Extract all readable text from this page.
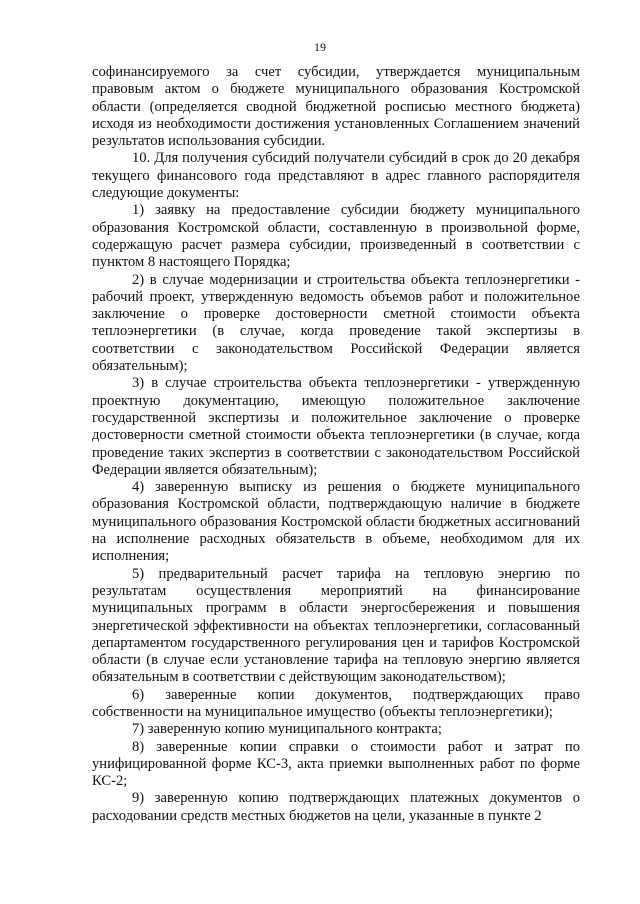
19

софинансируемого за счет субсидии, утверждается муниципальным правовым актом о бюджете муниципального образования Костромской области (определяется сводной бюджетной росписью местного бюджета) исходя из необходимости достижения установленных Соглашением значений результатов использования субсидии.

10. Для получения субсидий получатели субсидий в срок до 20 декабря текущего финансового года представляют в адрес главного распорядителя следующие документы:

1) заявку на предоставление субсидии бюджету муниципального образования Костромской области, составленную в произвольной форме, содержащую расчет размера субсидии, произведенный в соответствии с пунктом 8 настоящего Порядка;

2) в случае модернизации и строительства объекта теплоэнергетики - рабочий проект, утвержденную ведомость объемов работ и положительное заключение о проверке достоверности сметной стоимости объекта теплоэнергетики (в случае, когда проведение такой экспертизы в соответствии с законодательством Российской Федерации является обязательным);

3) в случае строительства объекта теплоэнергетики - утвержденную проектную документацию, имеющую положительное заключение государственной экспертизы и положительное заключение о проверке достоверности сметной стоимости объекта теплоэнергетики (в случае, когда проведение таких экспертиз в соответствии с законодательством Российской Федерации является обязательным);

4) заверенную выписку из решения о бюджете муниципального образования Костромской области, подтверждающую наличие в бюджете муниципального образования Костромской области бюджетных ассигнований на исполнение расходных обязательств в объеме, необходимом для их исполнения;

5) предварительный расчет тарифа на тепловую энергию по результатам осуществления мероприятий на финансирование муниципальных программ в области энергосбережения и повышения энергетической эффективности на объектах теплоэнергетики, согласованный департаментом государственного регулирования цен и тарифов Костромской области (в случае если установление тарифа на тепловую энергию является обязательным в соответствии с действующим законодательством);

6) заверенные копии документов, подтверждающих право собственности на муниципальное имущество (объекты теплоэнергетики);

7) заверенную копию муниципального контракта;

8) заверенные копии справки о стоимости работ и затрат по унифицированной форме КС-3, акта приемки выполненных работ по форме КС-2;

9) заверенную копию подтверждающих платежных документов о расходовании средств местных бюджетов на цели, указанные в пункте 2
